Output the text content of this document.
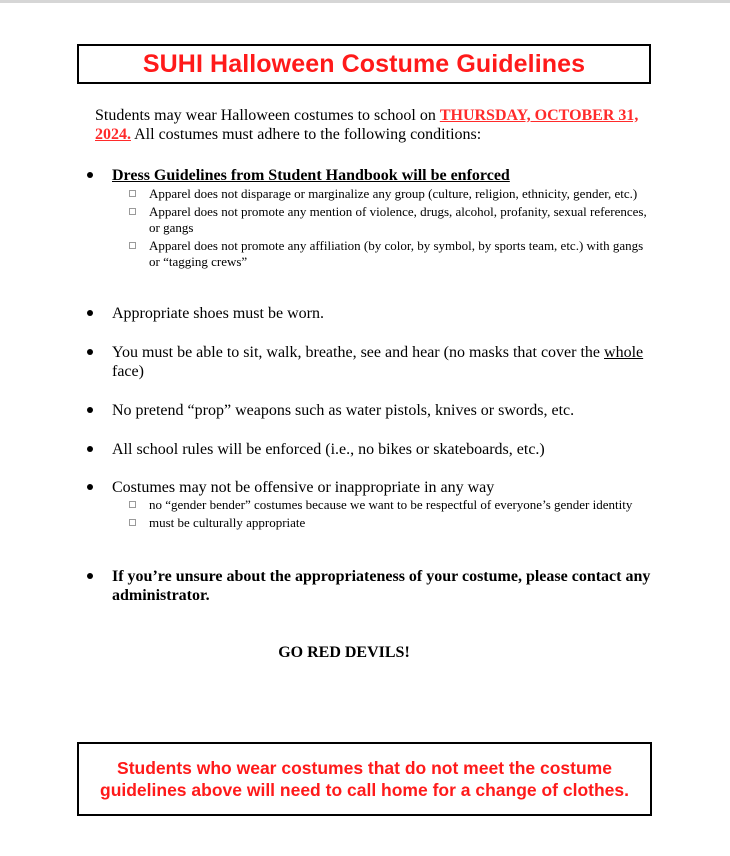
SUHI Halloween Costume Guidelines

Students may wear Halloween costumes to school on THURSDAY, OCTOBER 31, 2024. All costumes must adhere to the following conditions:

Dress Guidelines from Student Handbook will be enforced
Apparel does not disparage or marginalize any group (culture, religion, ethnicity, gender, etc.)
Apparel does not promote any mention of violence, drugs, alcohol, profanity, sexual references, or gangs
Apparel does not promote any affiliation (by color, by symbol, by sports team, etc.) with gangs or “tagging crews”
Appropriate shoes must be worn.
You must be able to sit, walk, breathe, see and hear (no masks that cover the whole face)
No pretend “prop” weapons such as water pistols, knives or swords, etc.
All school rules will be enforced (i.e., no bikes or skateboards, etc.)
Costumes may not be offensive or inappropriate in any way
no “gender bender” costumes because we want to be respectful of everyone’s gender identity
must be culturally appropriate
If you’re unsure about the appropriateness of your costume, please contact any administrator.
GO RED DEVILS!
Students who wear costumes that do not meet the costume guidelines above will need to call home for a change of clothes.
